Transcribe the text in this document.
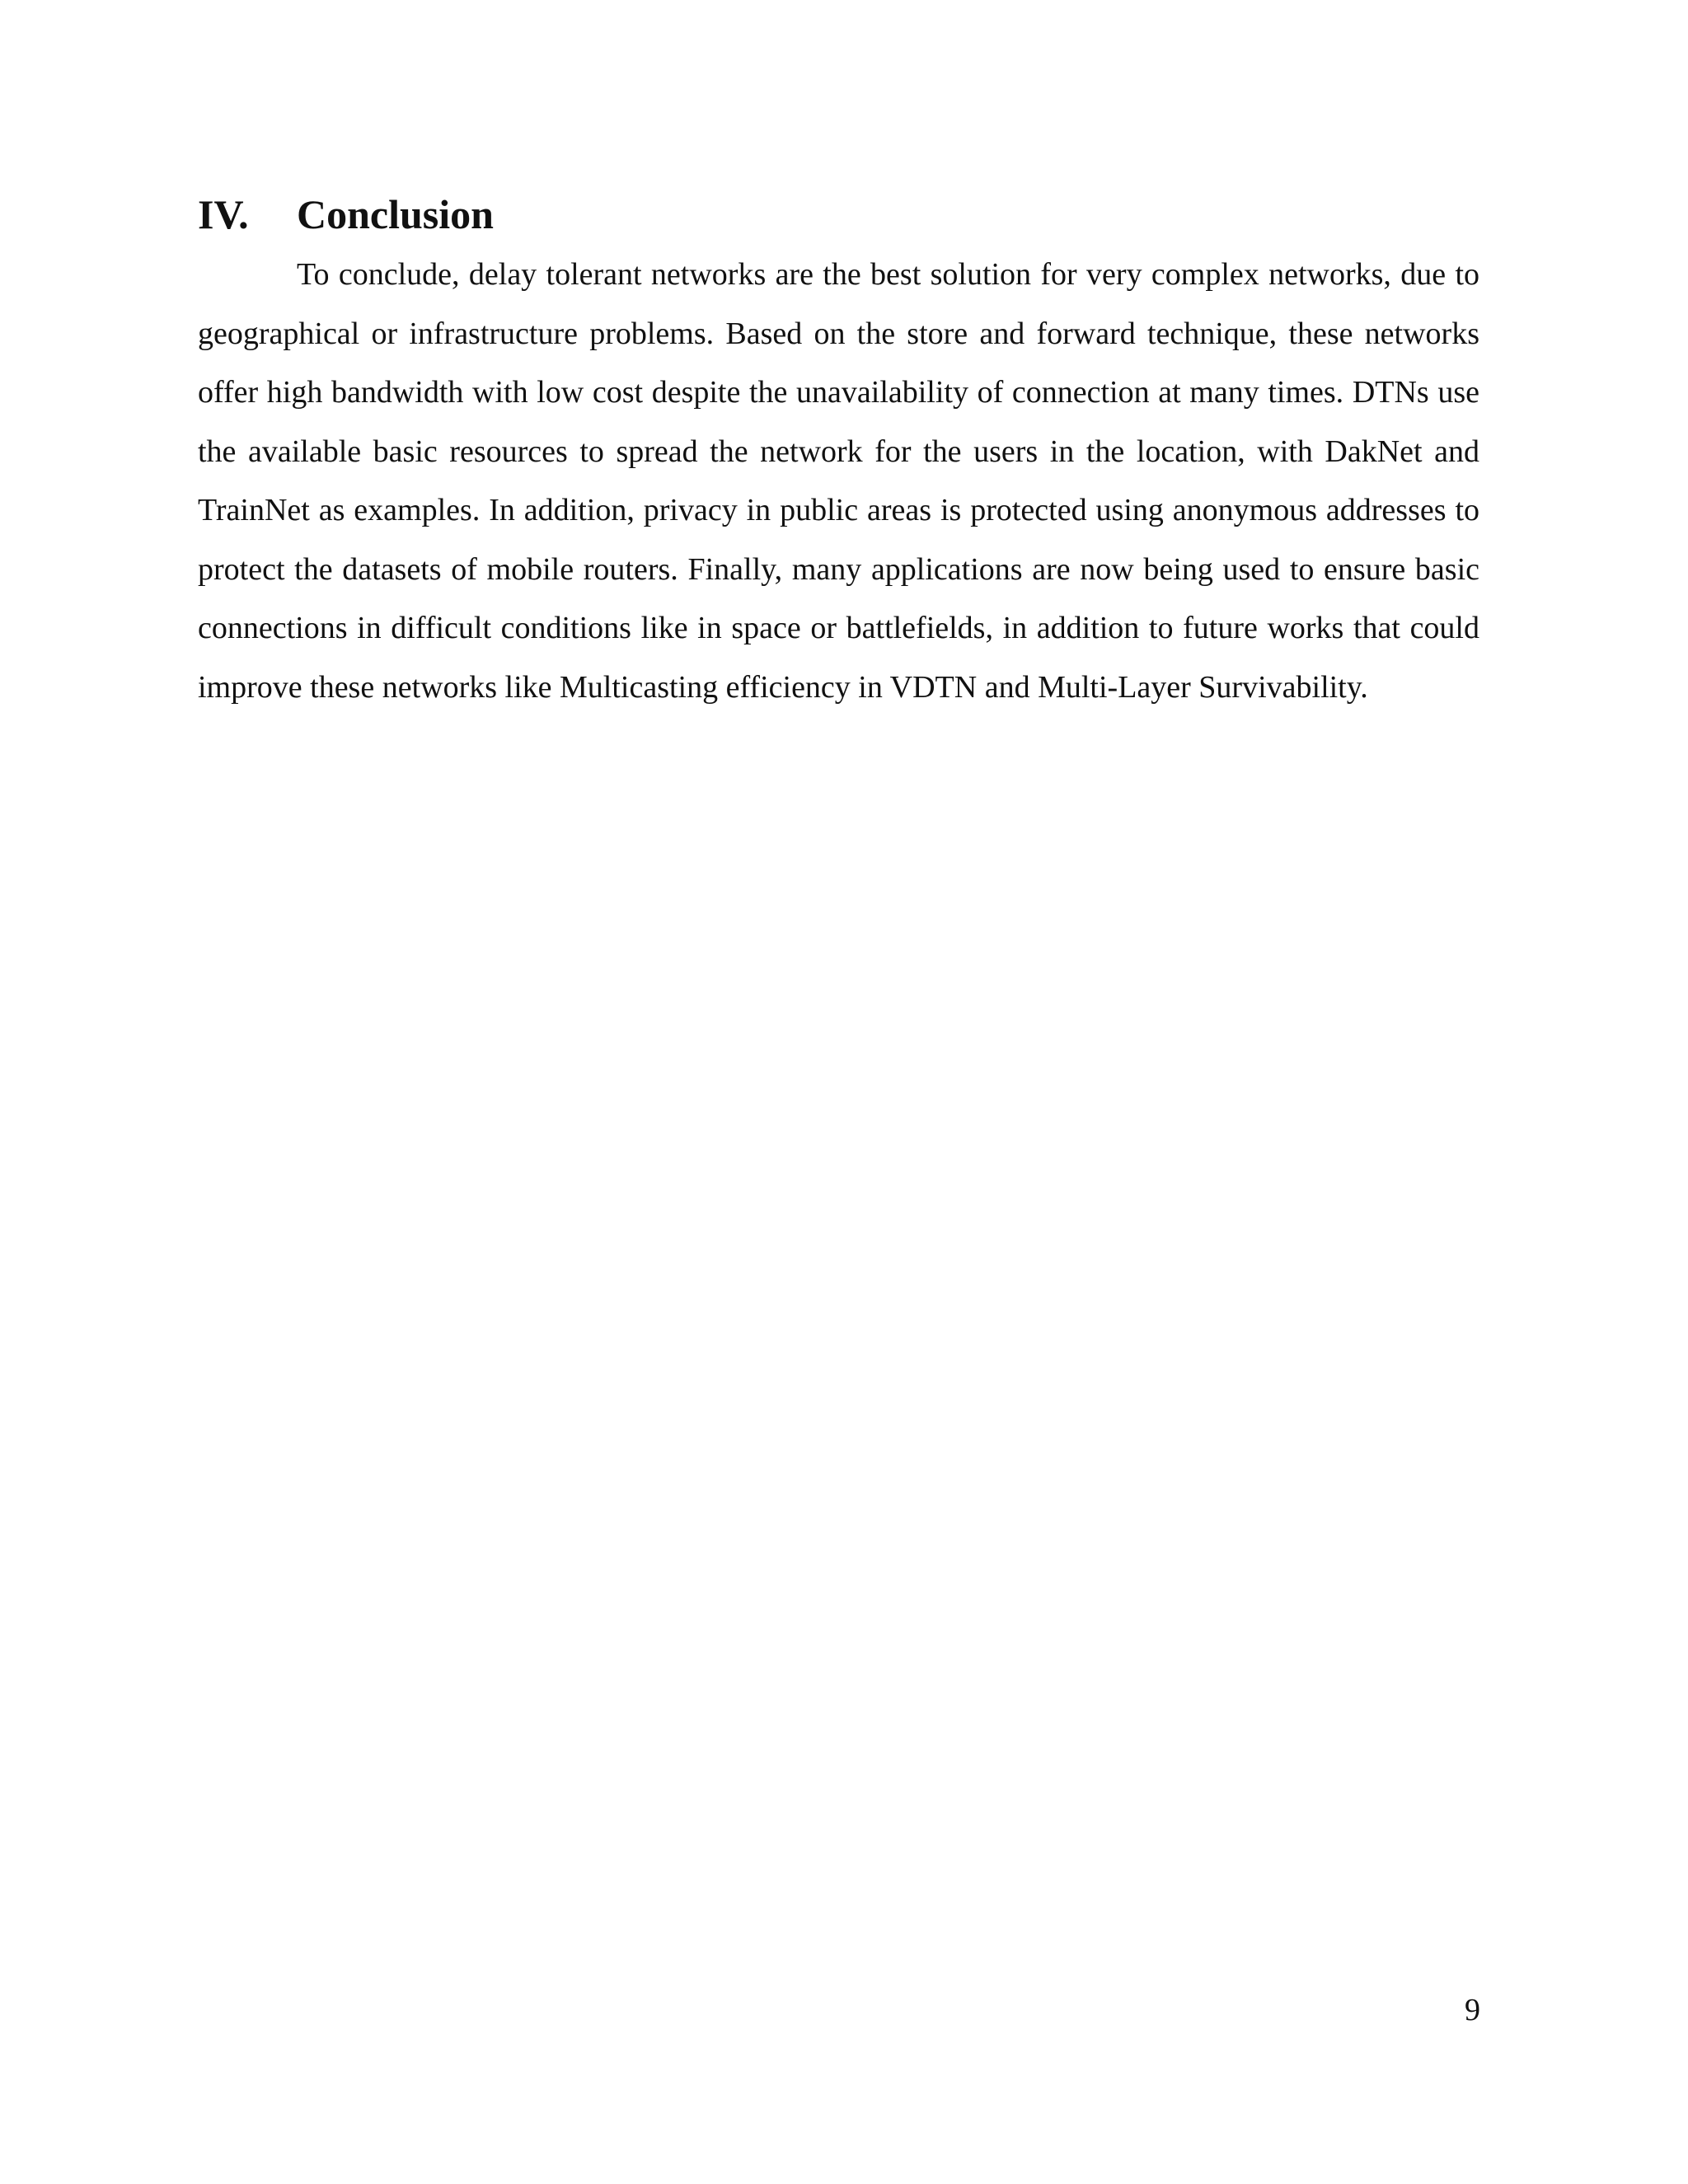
IV.	Conclusion

To conclude, delay tolerant networks are the best solution for very complex networks, due to geographical or infrastructure problems. Based on the store and forward technique, these networks offer high bandwidth with low cost despite the unavailability of connection at many times. DTNs use the available basic resources to spread the network for the users in the location, with DakNet and TrainNet as examples. In addition, privacy in public areas is protected using anonymous addresses to protect the datasets of mobile routers. Finally, many applications are now being used to ensure basic connections in difficult conditions like in space or battlefields, in addition to future works that could improve these networks like Multicasting efficiency in VDTN and Multi-Layer Survivability.

9
